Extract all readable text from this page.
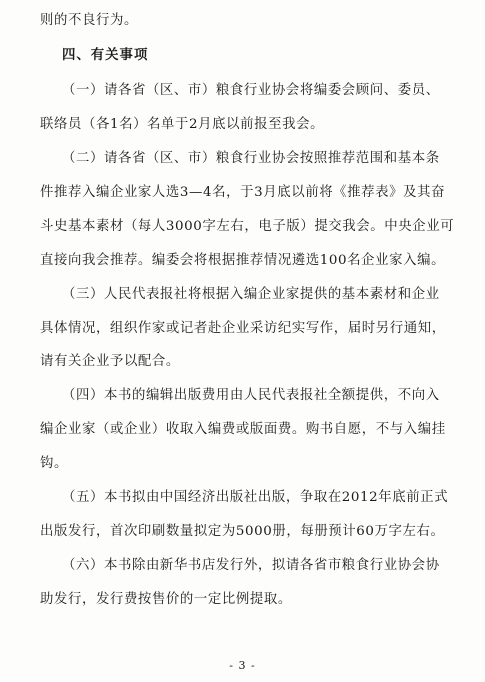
则的不良行为。
四、有关事项
（一）请各省（区、市）粮食行业协会将编委会顾问、委员、
联络员（各1名）名单于2月底以前报至我会。
（二）请各省（区、市）粮食行业协会按照推荐范围和基本条
件推荐入编企业家人选3—4名，于3月底以前将《推荐表》及其奋
斗史基本素材（每人3000字左右，电子版）提交我会。中央企业可
直接向我会推荐。编委会将根据推荐情况遴选100名企业家入编。
（三）人民代表报社将根据入编企业家提供的基本素材和企业
具体情况，组织作家或记者赴企业采访纪实写作，届时另行通知，
请有关企业予以配合。
（四）本书的编辑出版费用由人民代表报社全额提供，不向入
编企业家（或企业）收取入编费或版面费。购书自愿，不与入编挂
钩。
（五）本书拟由中国经济出版社出版，争取在2012年底前正式
出版发行，首次印刷数量拟定为5000册，每册预计60万字左右。
（六）本书除由新华书店发行外，拟请各省市粮食行业协会协
助发行，发行费按售价的一定比例提取。
- 3 -
